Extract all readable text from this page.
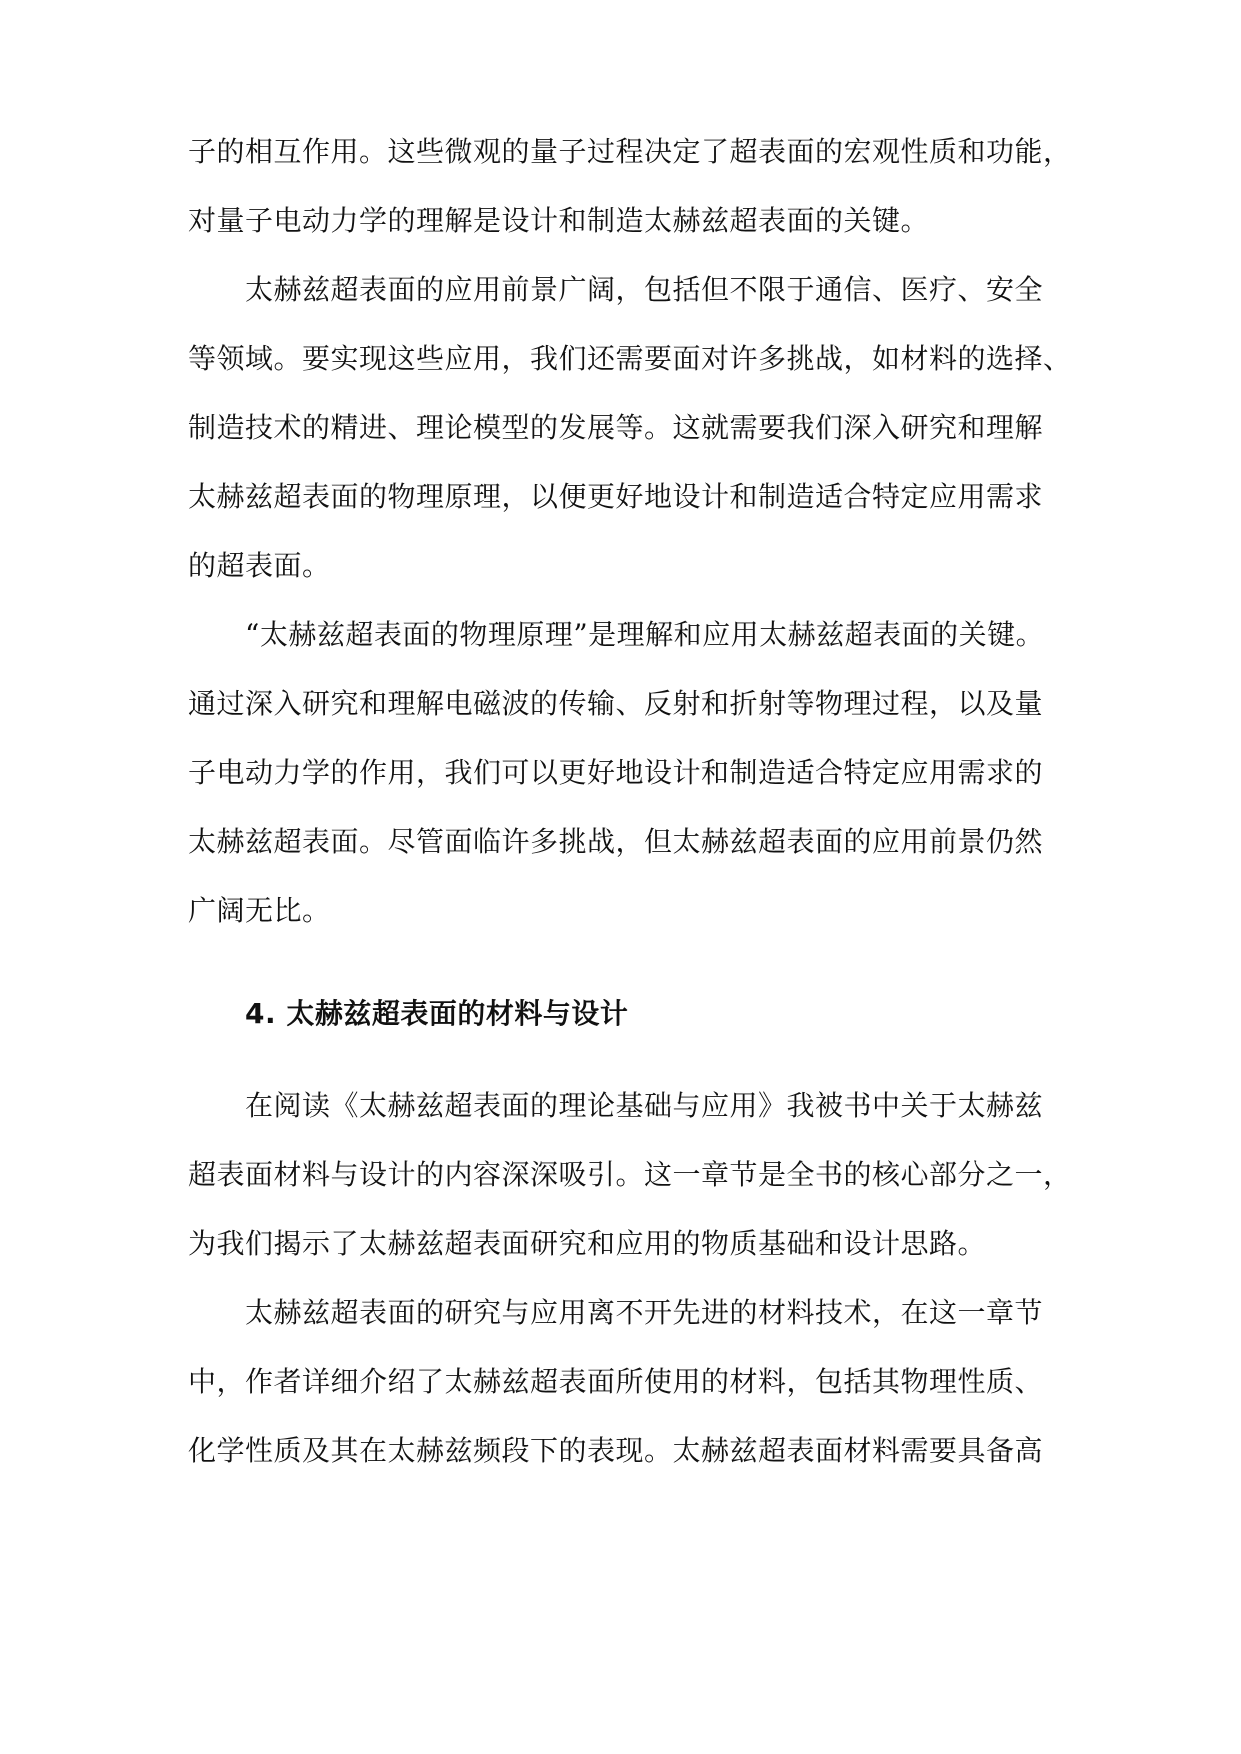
子的相互作用。这些微观的量子过程决定了超表面的宏观性质和功能，
对量子电动力学的理解是设计和制造太赫兹超表面的关键。
太赫兹超表面的应用前景广阔，包括但不限于通信、医疗、安全
等领域。要实现这些应用，我们还需要面对许多挑战，如材料的选择、
制造技术的精进、理论模型的发展等。这就需要我们深入研究和理解
太赫兹超表面的物理原理，以便更好地设计和制造适合特定应用需求
的超表面。
“太赫兹超表面的物理原理”是理解和应用太赫兹超表面的关键。
通过深入研究和理解电磁波的传输、反射和折射等物理过程，以及量
子电动力学的作用，我们可以更好地设计和制造适合特定应用需求的
太赫兹超表面。尽管面临许多挑战，但太赫兹超表面的应用前景仍然
广阔无比。
4. 太赫兹超表面的材料与设计
在阅读《太赫兹超表面的理论基础与应用》我被书中关于太赫兹
超表面材料与设计的内容深深吸引。这一章节是全书的核心部分之一，
为我们揭示了太赫兹超表面研究和应用的物质基础和设计思路。
太赫兹超表面的研究与应用离不开先进的材料技术，在这一章节
中，作者详细介绍了太赫兹超表面所使用的材料，包括其物理性质、
化学性质及其在太赫兹频段下的表现。太赫兹超表面材料需要具备高
